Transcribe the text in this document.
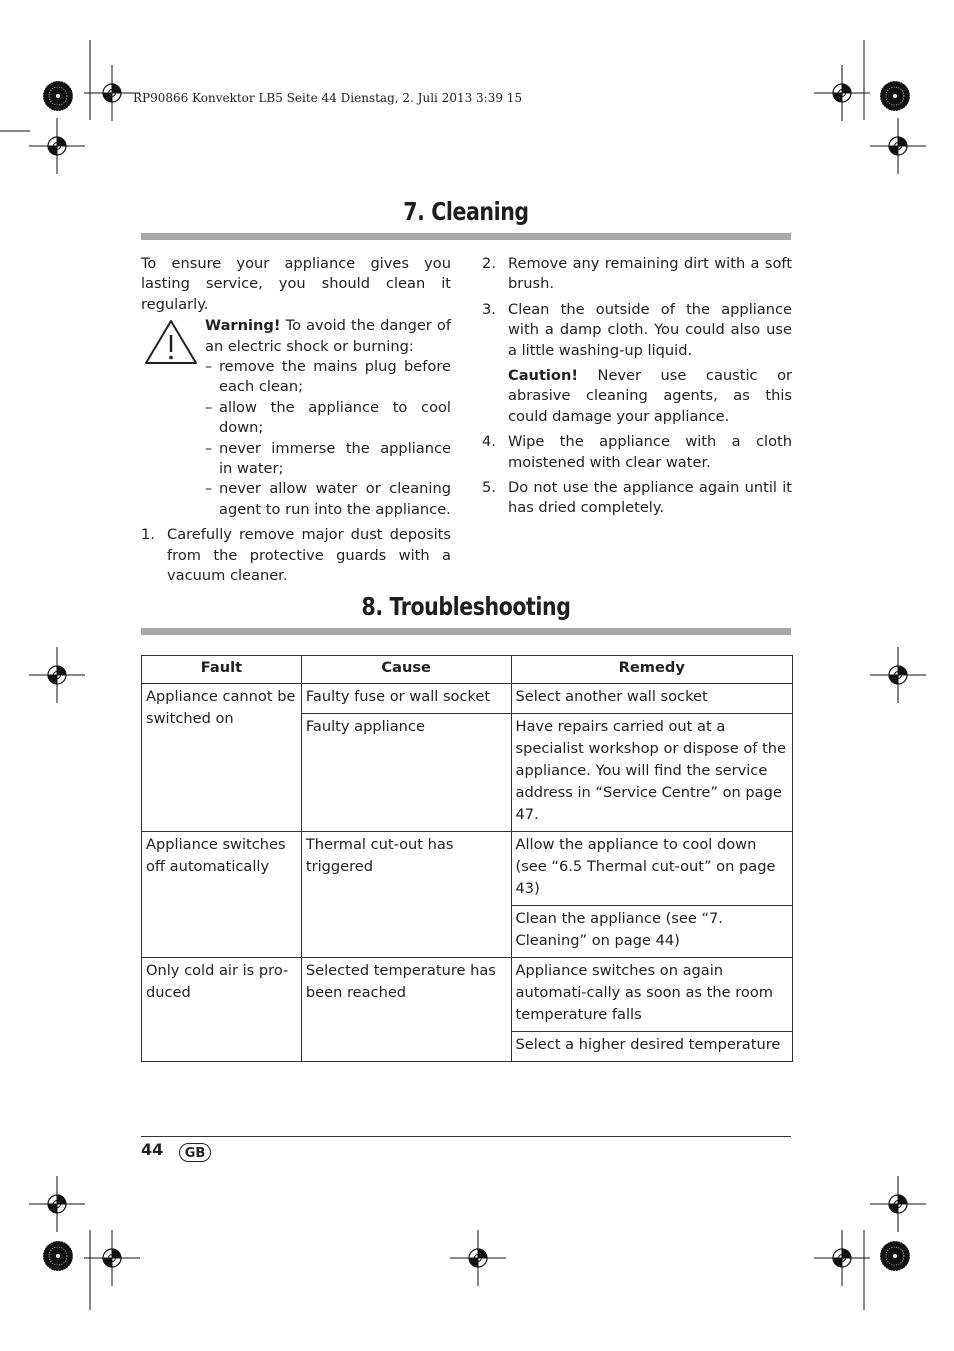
RP90866 Konvektor LB5 Seite 44 Dienstag, 2. Juli 2013 3:39 15
7. Cleaning
To ensure your appliance gives you lasting service, you should clean it regularly.
Warning! To avoid the danger of an electric shock or burning:
– remove the mains plug before each clean;
– allow the appliance to cool down;
– never immerse the appliance in water;
– never allow water or cleaning agent to run into the appliance.
1. Carefully remove major dust deposits from the protective guards with a vacuum cleaner.
2. Remove any remaining dirt with a soft brush.
3. Clean the outside of the appliance with a damp cloth. You could also use a little washing-up liquid.
Caution! Never use caustic or abrasive cleaning agents, as this could damage your appliance.
4. Wipe the appliance with a cloth moistened with clear water.
5. Do not use the appliance again until it has dried completely.
8. Troubleshooting
Fault	Cause	Remedy
Appliance cannot be switched on	Faulty fuse or wall socket	Select another wall socket
	Faulty appliance	Have repairs carried out at a specialist workshop or dispose of the appliance. You will find the service address in “Service Centre” on page 47.
Appliance switches off automatically	Thermal cut-out has triggered	Allow the appliance to cool down (see “6.5 Thermal cut-out” on page 43)
		Clean the appliance (see “7. Cleaning” on page 44)
Only cold air is pro-duced	Selected temperature has been reached	Appliance switches on again automati-cally as soon as the room temperature falls
		Select a higher desired temperature
44	GB
